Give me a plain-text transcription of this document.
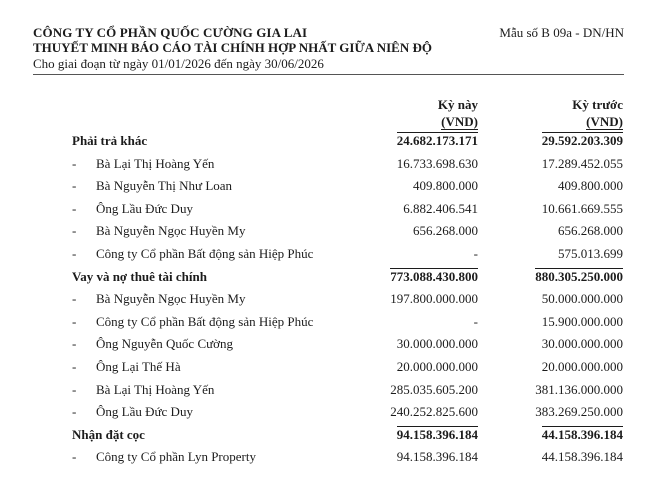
CÔNG TY CỔ PHẦN QUỐC CƯỜNG GIA LAI	Mẫu số B 09a - DN/HN
THUYẾT MINH BÁO CÁO TÀI CHÍNH HỢP NHẤT GIỮA NIÊN ĐỘ
Cho giai đoạn từ ngày 01/01/2026 đến ngày 30/06/2026
Kỳ này
(VND)
Kỳ trước
(VND)
Phải trả khác	24.682.173.171	29.592.203.309
- Bà Lại Thị Hoàng Yến	16.733.698.630	17.289.452.055
- Bà Nguyễn Thị Như Loan	409.800.000	409.800.000
- Ông Lầu Đức Duy	6.882.406.541	10.661.669.555
- Bà Nguyễn Ngọc Huyền My	656.268.000	656.268.000
- Công ty Cổ phần Bất động sản Hiệp Phúc	-	575.013.699
Vay và nợ thuê tài chính	773.088.430.800	880.305.250.000
- Bà Nguyễn Ngọc Huyền My	197.800.000.000	50.000.000.000
- Công ty Cổ phần Bất động sản Hiệp Phúc	-	15.900.000.000
- Ông Nguyễn Quốc Cường	30.000.000.000	30.000.000.000
- Ông Lại Thế Hà	20.000.000.000	20.000.000.000
- Bà Lại Thị Hoàng Yến	285.035.605.200	381.136.000.000
- Ông Lầu Đức Duy	240.252.825.600	383.269.250.000
Nhận đặt cọc	94.158.396.184	44.158.396.184
- Công ty Cổ phần Lyn Property	94.158.396.184	44.158.396.184
